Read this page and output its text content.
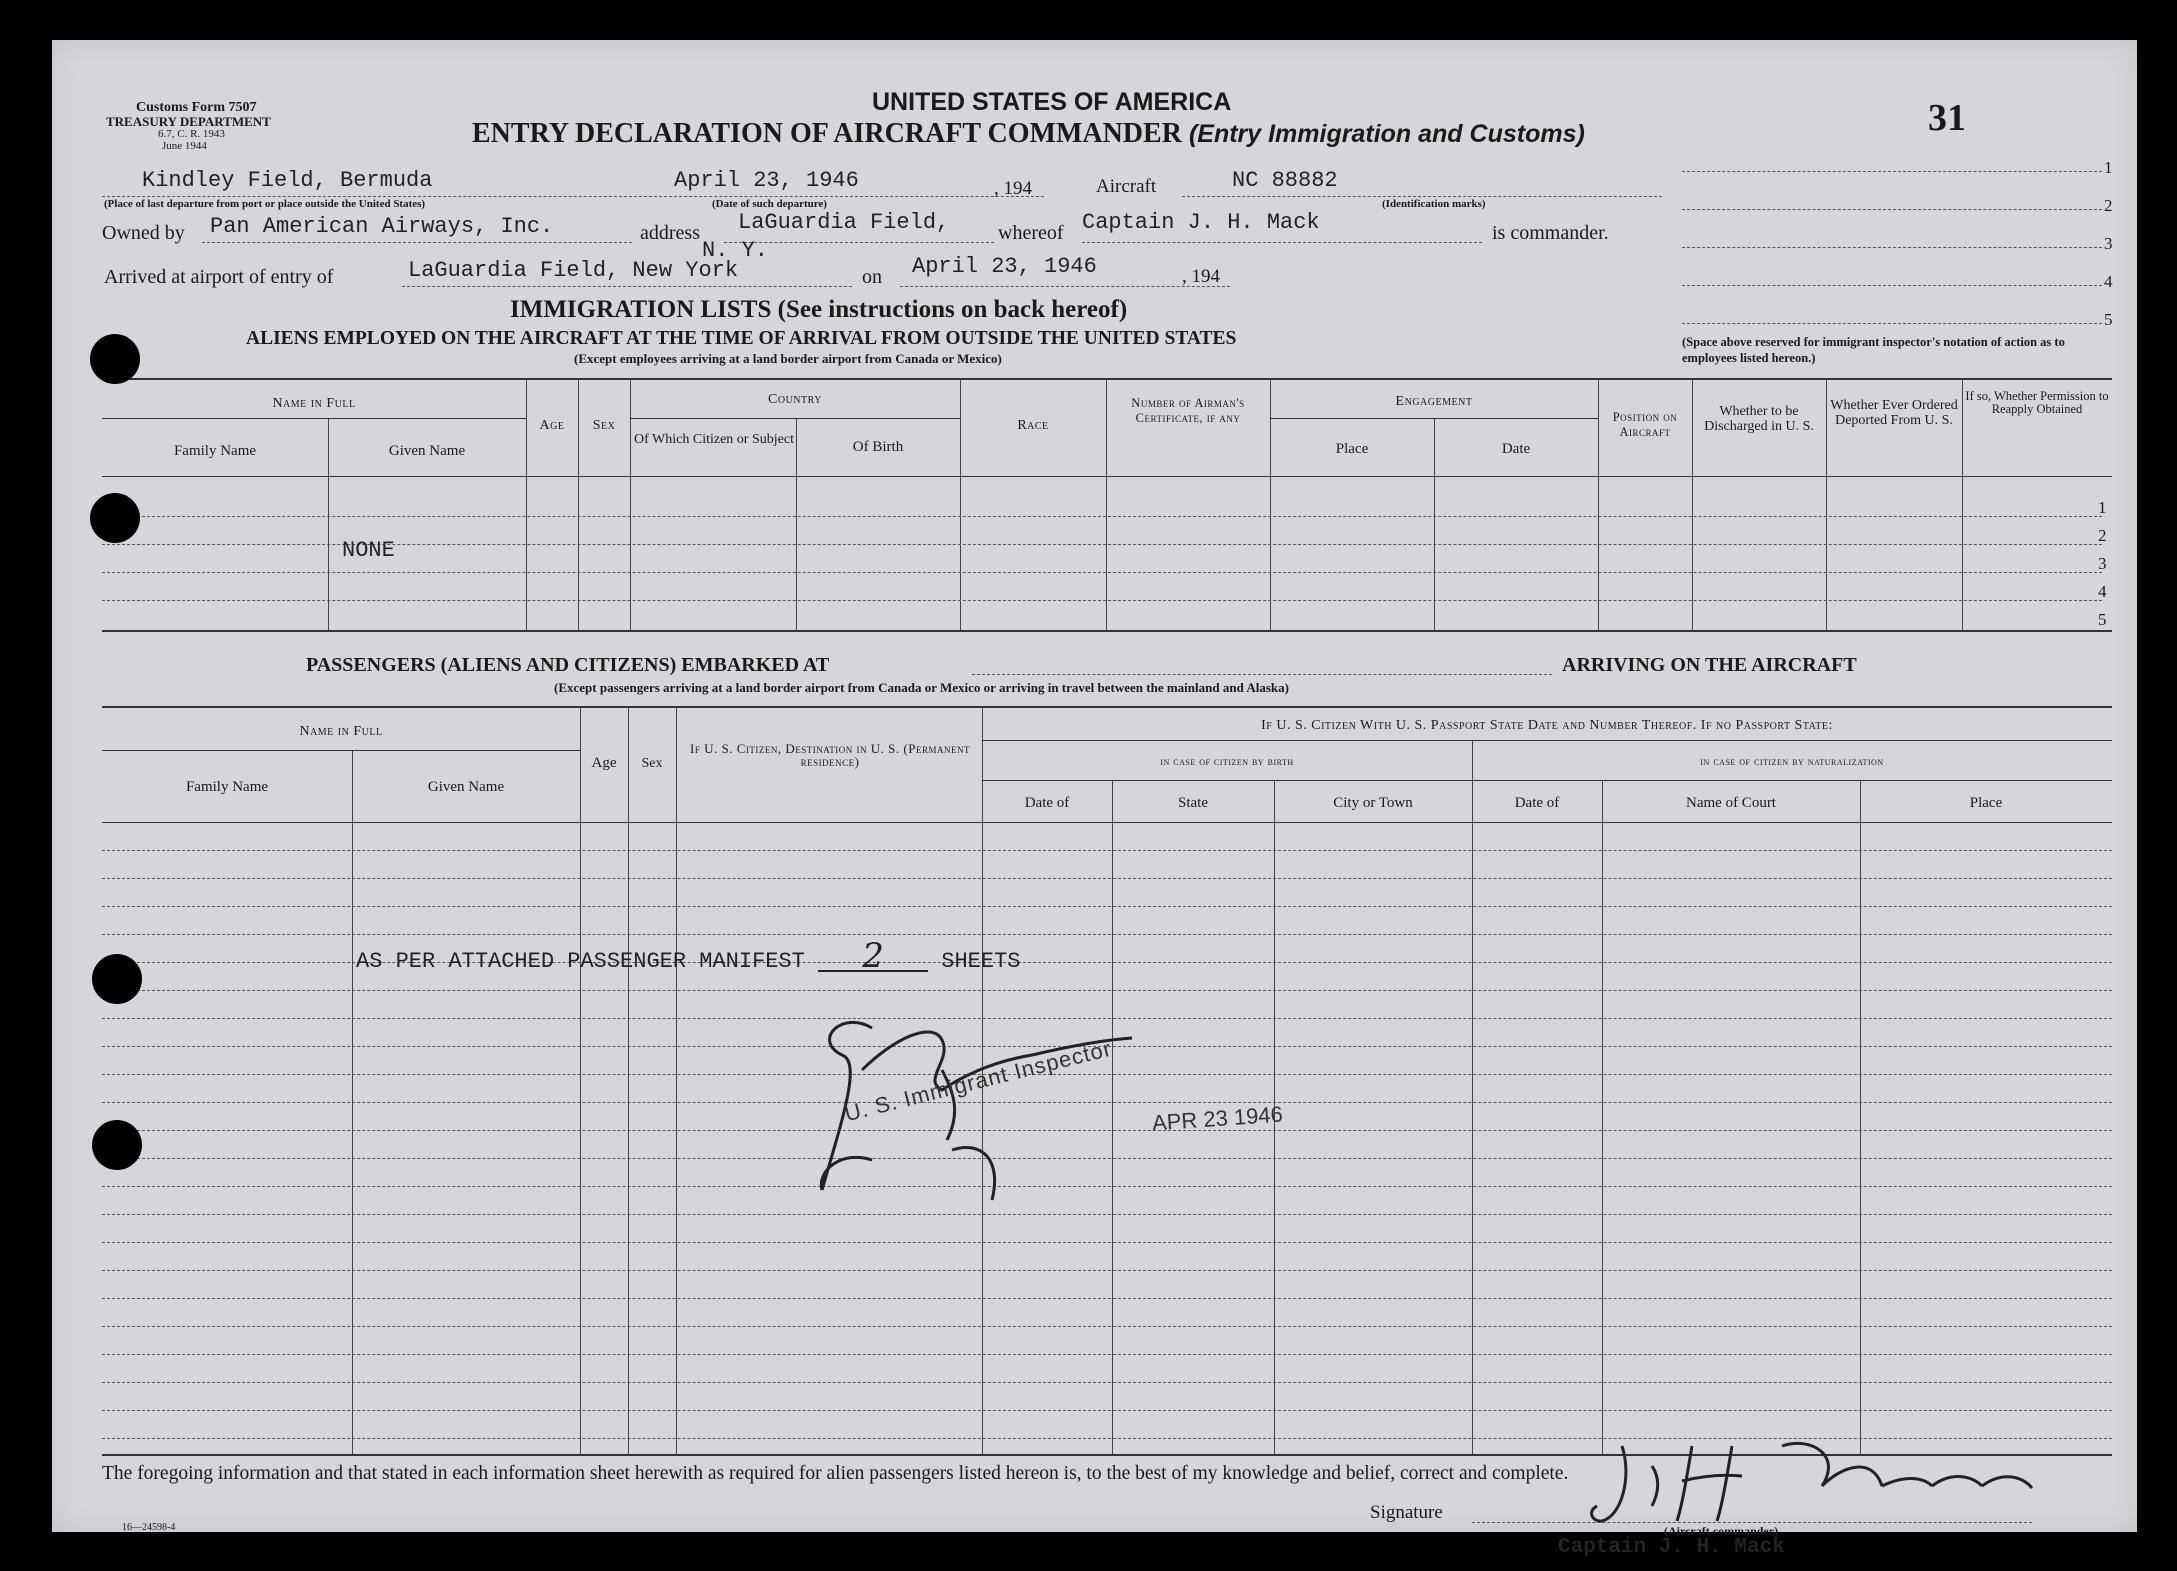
Customs Form 7507
TREASURY DEPARTMENT
6.7, C. R. 1943
June 1944
UNITED STATES OF AMERICA
ENTRY DECLARATION OF AIRCRAFT COMMANDER (Entry Immigration and Customs)	31
1
2
3
4
5
(Space above reserved for immigrant inspector's notation of action as to employees listed hereon.)
Kindley Field, Bermuda
(Place of last departure from port or place outside the United States)
April 23, 1946
(Date of such departure)
, 194	Aircraft	NC 88882
(Identification marks)
Owned by Pan American Airways, Inc.	address LaGuardia Field, whereof Captain J. H. Mack	is commander.
Arrived at airport of entry of	LaGuardia Field, New York
N. Y.
on April 23, 1946	, 194
IMMIGRATION LISTS (See instructions on back hereof)
ALIENS EMPLOYED ON THE AIRCRAFT AT THE TIME OF ARRIVAL FROM OUTSIDE THE UNITED STATES
(Except employees arriving at a land border airport from Canada or Mexico)
Name in Full
Family Name	Given Name
Age	Sex
Country
Of Which Citizen or Subject	Of Birth
Race
Number of Airman's Certificate, if any
Engagement
Place	Date
Position on Aircraft
Whether to be Discharged in U. S.
Whether Ever Ordered Deported From U. S.
If so, Whether Permission to Reapply Obtained
1
2
3
4
5
NONE
PASSENGERS (ALIENS AND CITIZENS) EMBARKED AT	ARRIVING ON THE AIRCRAFT
(Except passengers arriving at a land border airport from Canada or Mexico or arriving in travel between the mainland and Alaska)
Name in Full
Family Name	Given Name
Age	Sex
If U. S. Citizen, Destination in U. S. (Permanent residence)
If U. S. Citizen With U. S. Passport State Date and Number Thereof. If no Passport State:
in case of citizen by birth	in case of citizen by naturalization
Date of	State	City or Town	Date of	Name of Court	Place
AS PER ATTACHED PASSENGER MANIFEST 2	SHEETS
U. S. Immigrant Inspector APR 23 1946
The foregoing information and that stated in each information sheet herewith as required for alien passengers listed hereon is, to the best of my knowledge and belief, correct and complete.
16—24598-4
Signature
(Aircraft commander)
Captain J. H. Mack
